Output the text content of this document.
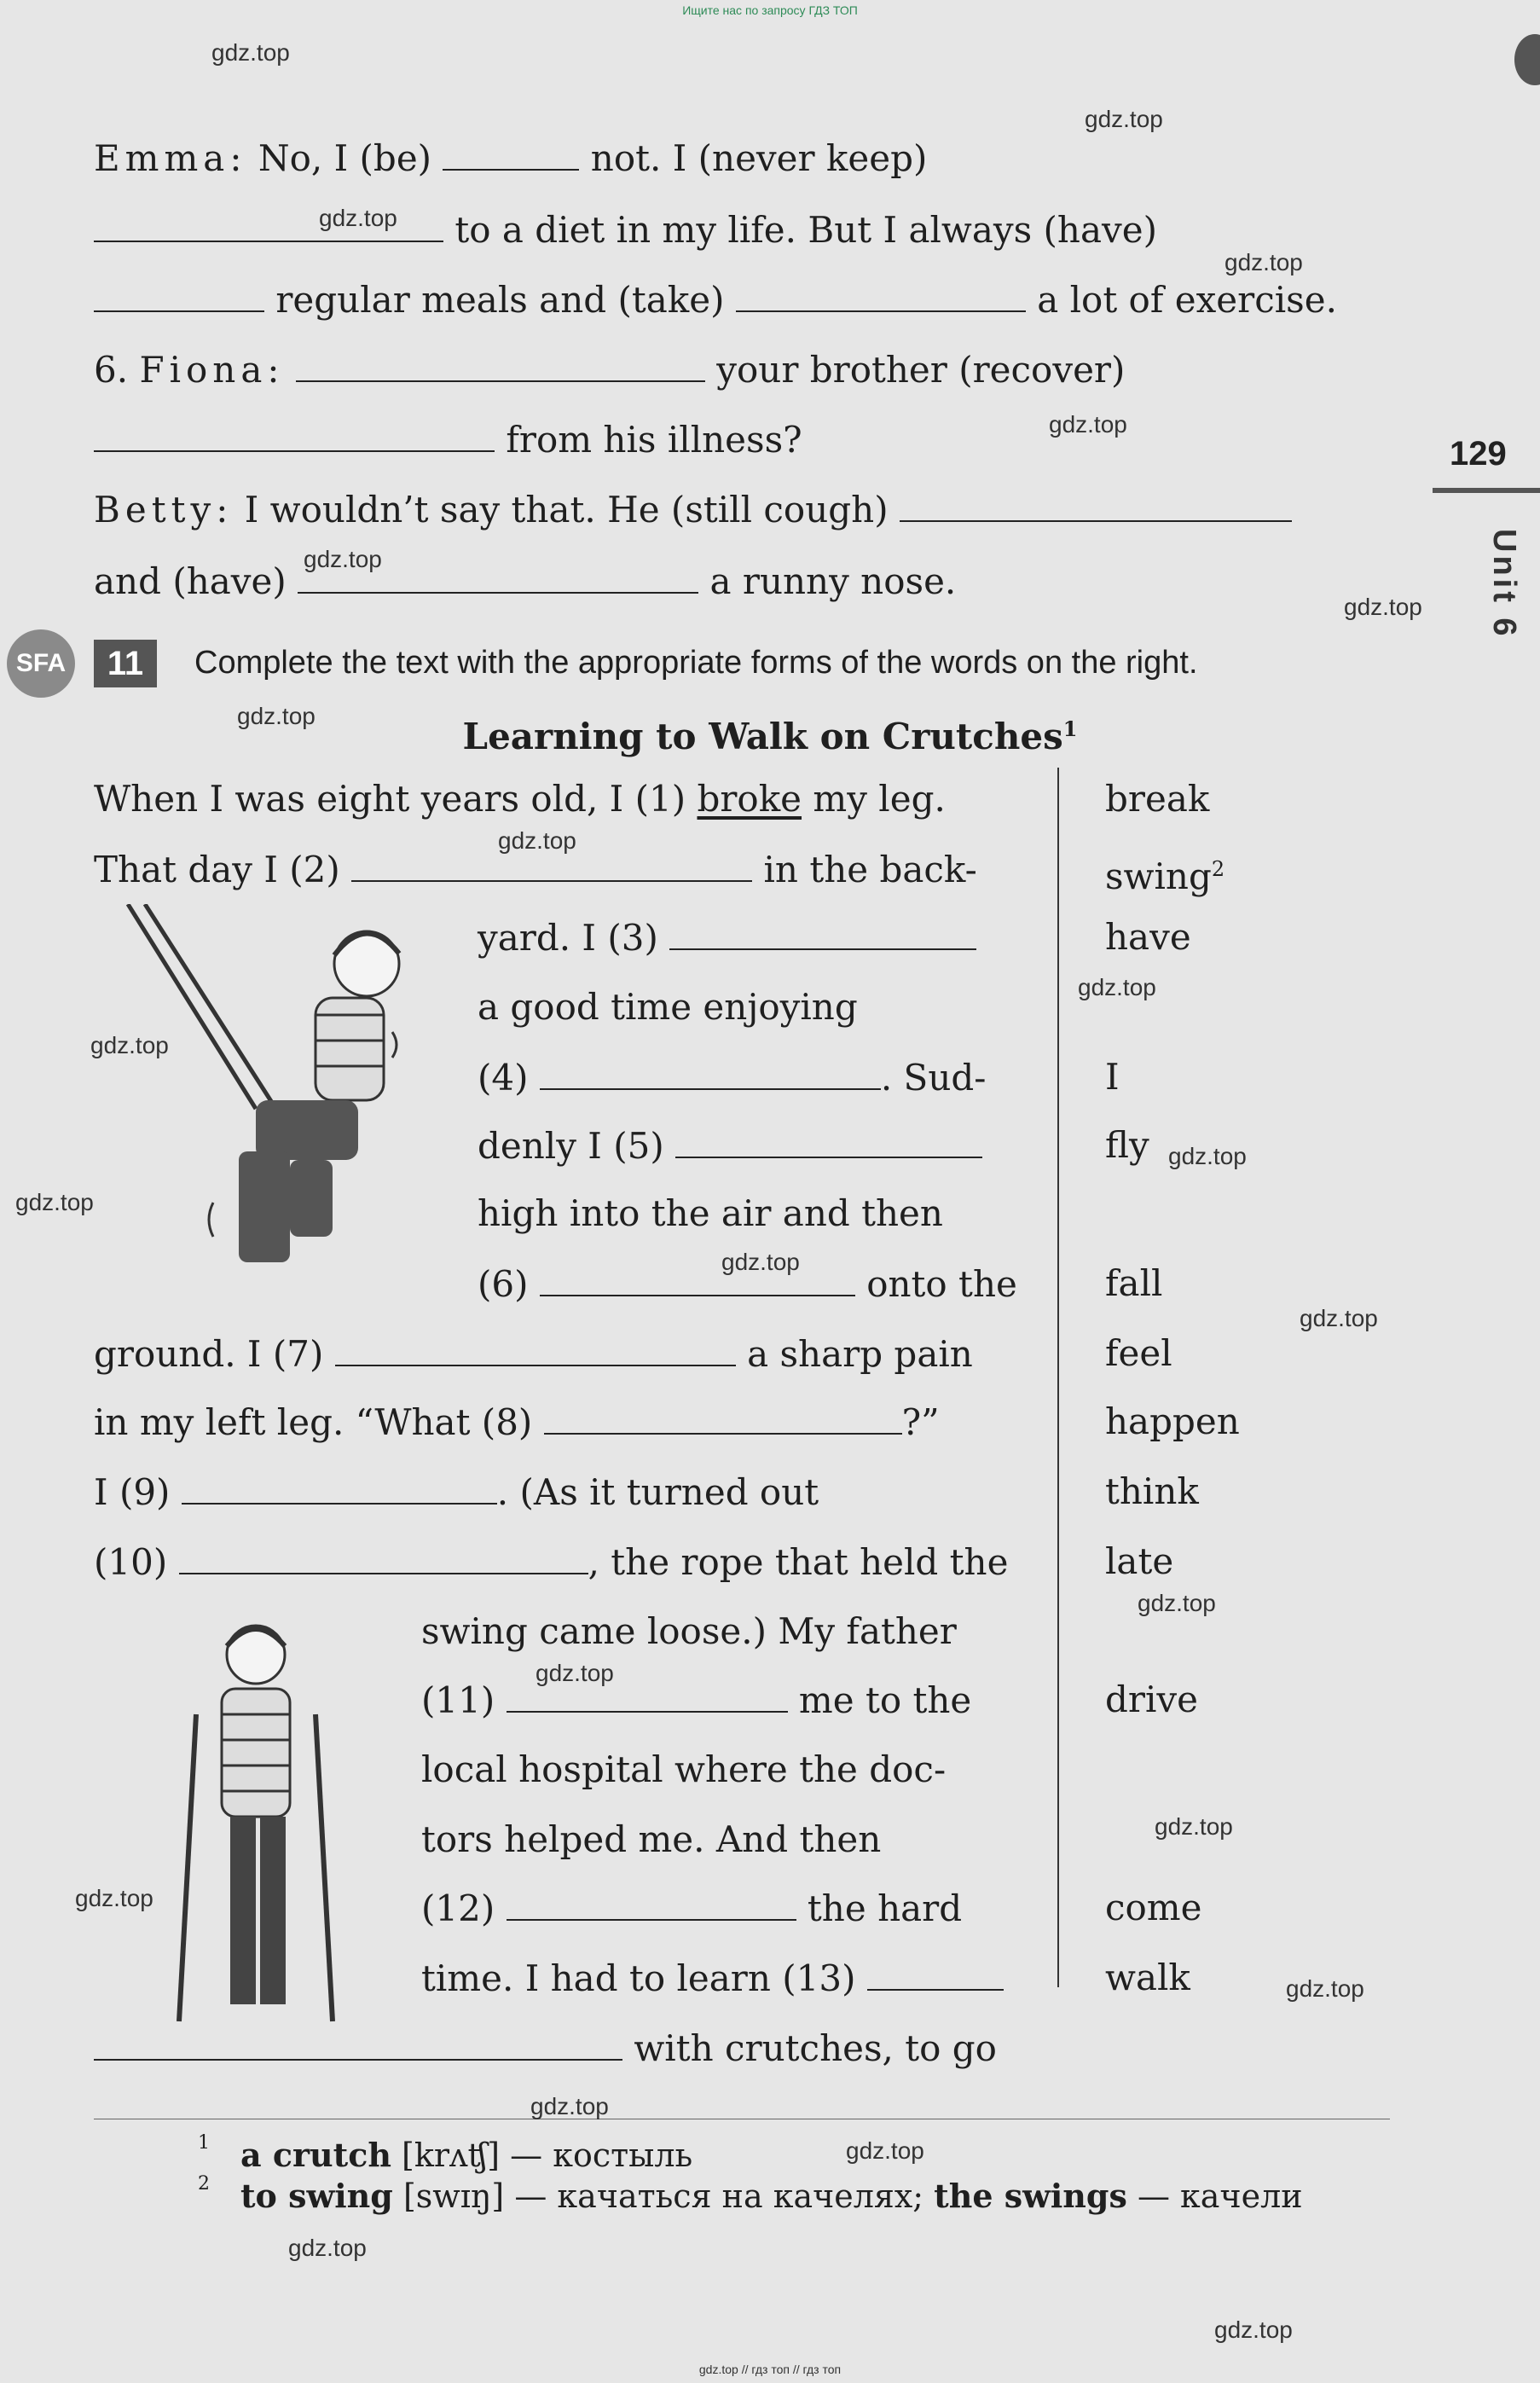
Ищите нас по запросу ГДЗ ТОП
gdz.top // гдз топ // гдз топ
129
Unit 6
Emma: No, I (be)	not. I (never keep)
to a diet in my life. But I always (have)
regular meals and (take)	a lot of exercise.
6. Fiona:	your brother (recover)
from his illness?
Betty: I wouldn’t say that. He (still cough)
and (have)	a runny nose.
SFA	11	Complete the text with the appropriate forms of the words on the right.
Learning to Walk on Crutches$^1$
When I was eight years old, I (1) broke my leg.	break
That day I (2)	in the back-	swing$^2$
yard. I (3)	have
a good time enjoying
(4)	. Sud-	I
denly I (5)	fly
high into the air and then
(6)	onto the fall
ground. I (7)	a sharp pain	feel
in my left leg. “What (8)	?”	happen
I (9)	. (As it turned out	think
(10)	, the rope that held the	late
swing came loose.) My father
(11)	me to the	drive
local hospital where the doc-
tors helped me. And then
(12)	the hard	come
time. I had to learn (13)	walk
with crutches, to go
1 a crutch [krʌʧ] — костыль
2 to swing [swɪŋ] — качаться на качелях; the swings — качели
gdz.top
gdz.top
gdz.top
gdz.top
gdz.top
gdz.top
gdz.top
gdz.top
gdz.top
gdz.top
gdz.top
gdz.top
gdz.top
gdz.top
gdz.top
gdz.top
gdz.top
gdz.top
gdz.top
gdz.top
gdz.top
gdz.top
gdz.top
gdz.top
